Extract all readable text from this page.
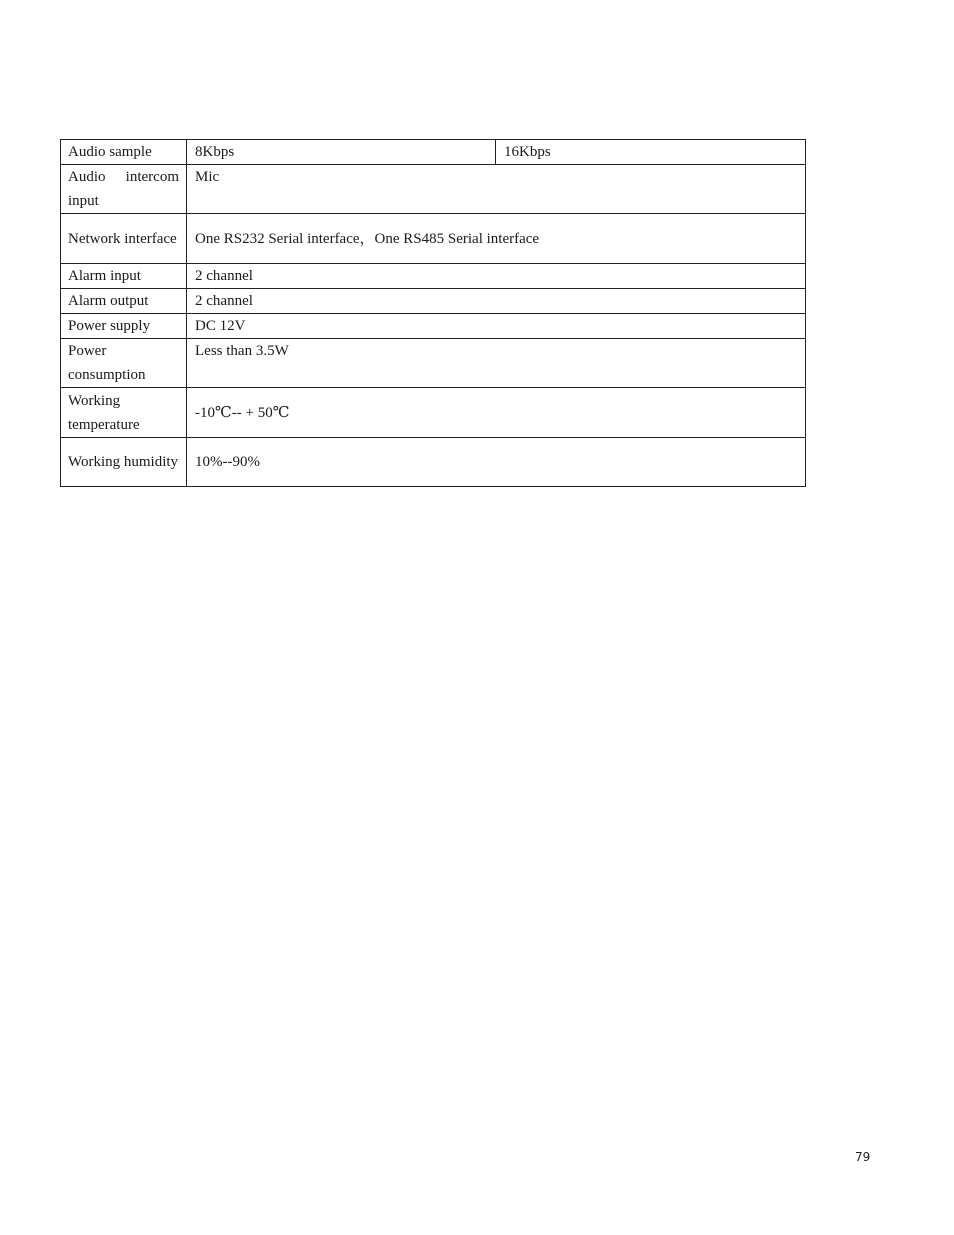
Audio sample	8Kbps	16Kbps
Audio intercom input	Mic	
Network interface	One RS232 Serial interface，One RS485 Serial interface	
Alarm input	2 channel	
Alarm output	2 channel	
Power supply	DC 12V	
Power consumption	Less than 3.5W	
Working temperature	-10℃-- + 50℃	
Working humidity	10%--90%	
79
